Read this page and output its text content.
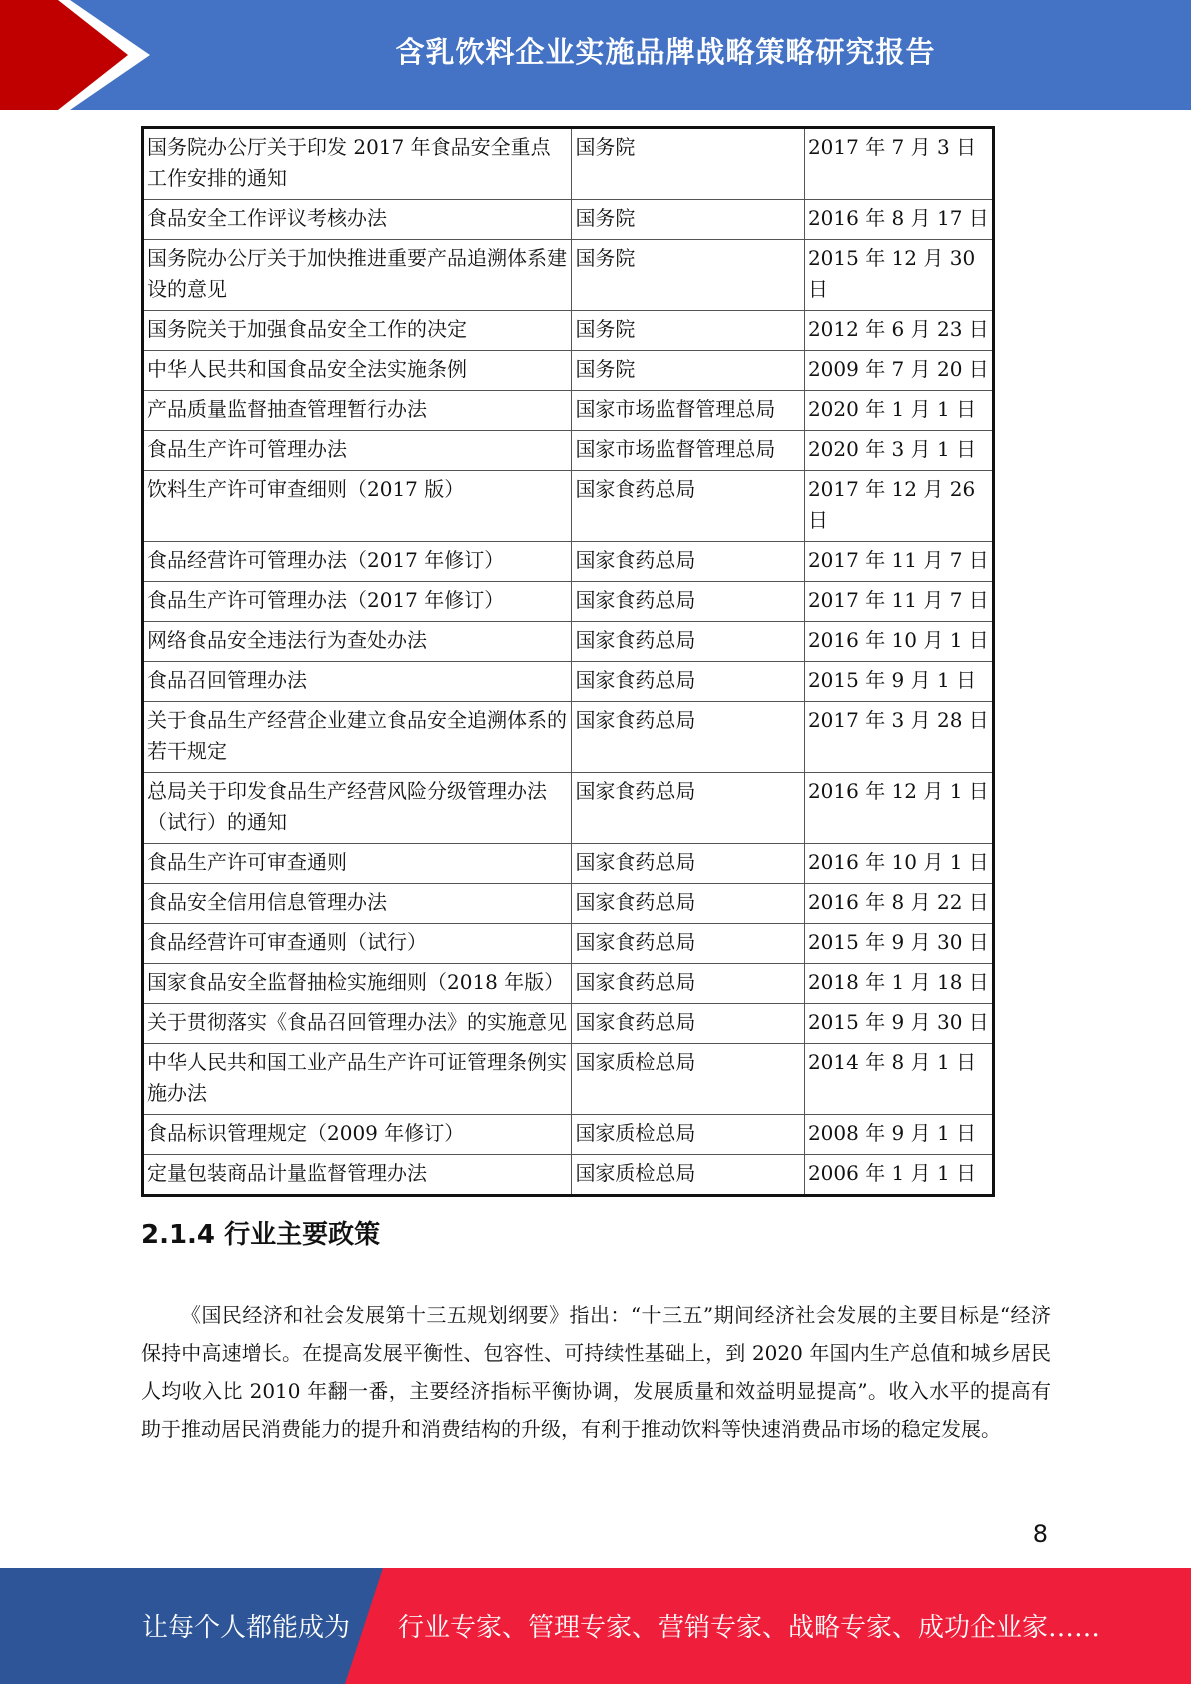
含乳饮料企业实施品牌战略策略研究报告
国务院办公厅关于印发 2017 年食品安全重点工作安排的通知	国务院	2017 年 7 月 3 日
食品安全工作评议考核办法	国务院	2016 年 8 月 17 日
国务院办公厅关于加快推进重要产品追溯体系建设的意见	国务院	2015 年 12 月 30 日
国务院关于加强食品安全工作的决定	国务院	2012 年 6 月 23 日
中华人民共和国食品安全法实施条例	国务院	2009 年 7 月 20 日
产品质量监督抽查管理暂行办法	国家市场监督管理总局	2020 年 1 月 1 日
食品生产许可管理办法	国家市场监督管理总局	2020 年 3 月 1 日
饮料生产许可审查细则（2017 版）	国家食药总局	2017 年 12 月 26 日
食品经营许可管理办法（2017 年修订）	国家食药总局	2017 年 11 月 7 日
食品生产许可管理办法（2017 年修订）	国家食药总局	2017 年 11 月 7 日
网络食品安全违法行为查处办法	国家食药总局	2016 年 10 月 1 日
食品召回管理办法	国家食药总局	2015 年 9 月 1 日
关于食品生产经营企业建立食品安全追溯体系的若干规定	国家食药总局	2017 年 3 月 28 日
总局关于印发食品生产经营风险分级管理办法（试行）的通知	国家食药总局	2016 年 12 月 1 日
食品生产许可审查通则	国家食药总局	2016 年 10 月 1 日
食品安全信用信息管理办法	国家食药总局	2016 年 8 月 22 日
食品经营许可审查通则（试行）	国家食药总局	2015 年 9 月 30 日
国家食品安全监督抽检实施细则（2018 年版）	国家食药总局	2018 年 1 月 18 日
关于贯彻落实《食品召回管理办法》的实施意见	国家食药总局	2015 年 9 月 30 日
中华人民共和国工业产品生产许可证管理条例实施办法	国家质检总局	2014 年 8 月 1 日
食品标识管理规定（2009 年修订）	国家质检总局	2008 年 9 月 1 日
定量包装商品计量监督管理办法	国家质检总局	2006 年 1 月 1 日
2.1.4 行业主要政策

《国民经济和社会发展第十三五规划纲要》指出：“十三五”期间经济社会发展的主要目标是“经济保持中高速增长。在提高发展平衡性、包容性、可持续性基础上，到 2020 年国内生产总值和城乡居民人均收入比 2010 年翻一番，主要经济指标平衡协调，发展质量和效益明显提高”。收入水平的提高有助于推动居民消费能力的提升和消费结构的升级，有利于推动饮料等快速消费品市场的稳定发展。

8
让每个人都能成为 行业专家、管理专家、营销专家、战略专家、成功企业家……
